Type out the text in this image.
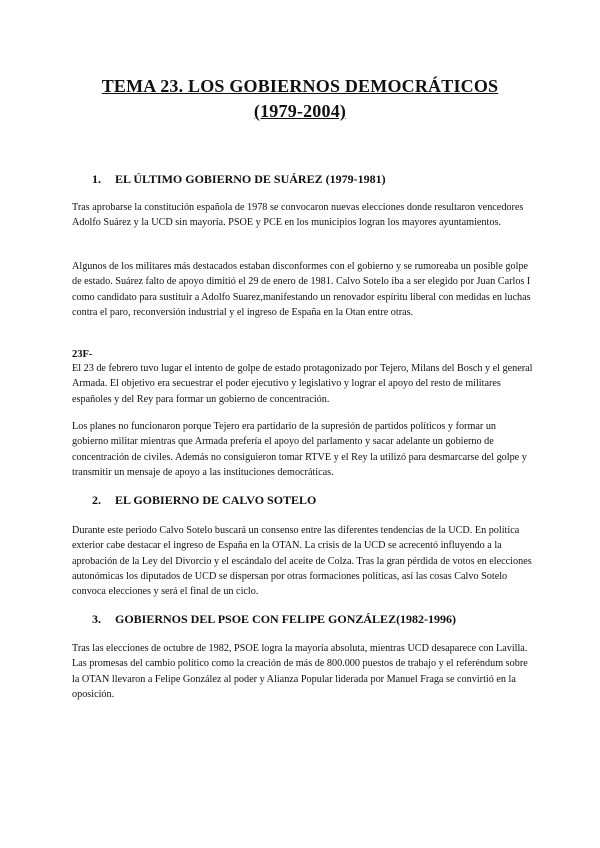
TEMA 23. LOS GOBIERNOS DEMOCRÁTICOS
(1979-2004)
1. EL ÚLTIMO GOBIERNO DE SUÁREZ (1979-1981)

Tras aprobarse la constitución española de 1978 se convocaron nuevas elecciones donde resultaron vencedores Adolfo Suárez y la UCD sin mayoría. PSOE y PCE en los municipios logran los mayores ayuntamientos.

Algunos de los militares más destacados estaban disconformes con el gobierno y se rumoreaba un posible golpe de estado. Suárez falto de apoyo dimitió el 29 de enero de 1981. Calvo Sotelo iba a ser elegido por Juan Carlos I como candidato para sustituir a Adolfo Suarez,manifestando un renovador espíritu liberal con medidas en luchas contra el paro, reconversión industrial y el ingreso de España en la Otan entre otras.

23F-

El 23 de febrero tuvo lugar el intento de golpe de estado protagonizado por Tejero, Milans del Bosch y el general Armada. El objetivo era secuestrar el poder ejecutivo y legislativo y lograr el apoyo del resto de militares españoles y del Rey para formar un gobierno de concentración.

Los planes no funcionaron porque Tejero era partidario de la supresión de partidos políticos y formar un gobierno militar mientras que Armada prefería el apoyo del parlamento y sacar adelante un gobierno de concentración de civiles. Además no consiguieron tomar RTVE y el Rey la utilizó para desmarcarse del golpe y transmitir un mensaje de apoyo a las instituciones democráticas.

2. EL GOBIERNO DE CALVO SOTELO

Durante este periodo Calvo Sotelo buscará un consenso entre las diferentes tendencias de la UCD. En política exterior cabe destacar el ingreso de España en la OTAN. La crisis de la UCD se acrecentó influyendo a la aprobación de la Ley del Divorcio y el escándalo del aceite de Colza. Tras la gran pérdida de votos en elecciones autonómicas los diputados de UCD se dispersan por otras formaciones políticas, así las cosas Calvo Sotelo convoca elecciones y será el final de un ciclo.

3. GOBIERNOS DEL PSOE CON FELIPE GONZÁLEZ(1982-1996)

Tras las elecciones de octubre de 1982, PSOE logra la mayoría absoluta, mientras UCD desaparece con Lavilla. Las promesas del cambio político como la creación de más de 800.000 puestos de trabajo y el referéndum sobre la OTAN llevaron a Felipe González al poder y Alianza Popular liderada por Manuel Fraga se convirtió en la oposición.
